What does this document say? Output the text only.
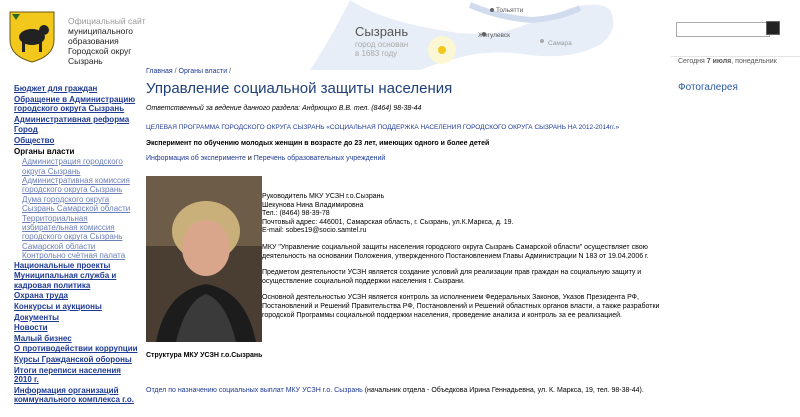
Официальный сайт
муниципального
образования
Городской округ
Сызрань
Сызрань
город основан
в 1683 году
Тольятти
Жигулевск
Самара
Бюджет для граждан
Обращение в Администрацию городского округа Сызрань
Административная реформа
Город
Общество
Органы власти
Администрация городского округа Сызрань
Административная комиссия городского округа Сызрань
Дума городского округа Сызрань Самарской области
Территориальная избирательная комиссия городского округа Сызрань Самарской области
Контрольно счётная палата
Национальные проекты
Муниципальная служба и кадровая политика
Охрана труда
Конкурсы и аукционы
Документы
Новости
Малый бизнес
О противодействии коррупции
Курсы Гражданской обороны
Итоги переписи населения 2010 г.
Информация организаций коммунального комплекса г.о.
Главная / Органы власти /
Управление социальной защиты населения
Ответственный за ведение данного раздела: Андрющко В.В. тел. (8464) 98-38-44
ЦЕЛЕВАЯ ПРОГРАММА ГОРОДСКОГО ОКРУГА СЫЗРАНЬ «СОЦИАЛЬНАЯ ПОДДЕРЖКА НАСЕЛЕНИЯ ГОРОДСКОГО ОКРУГА СЫЗРАНЬ НА 2012-2014гг.»
Эксперимент по обучению молодых женщин в возрасте до 23 лет, имеющих одного и более детей
Информация об эксперименте и Перечень образовательных учреждений

Руководитель МКУ УСЗН г.о.Сызрань
Шекунова Нина Владимировна
Тел.: (8464) 98-39-78
Почтовый адрес: 446001, Самарская область, г. Сызрань, ул.К.Маркса, д. 19.
E-mail: sobes19@socio.samtel.ru

МКУ "Управление социальной защиты населения городского округа Сызрань Самарской области" осуществляет свою деятельность на основании Положения, утвержденного Постановлением Главы Администрации N 183 от 19.04.2006 г.

Предметом деятельности УСЗН является создание условий для реализации прав граждан на социальную защиту и осуществление социальной поддержки населения г. Сызрани.

Основной деятельностью УСЗН является контроль за исполнением Федеральных Законов, Указов Президента РФ, Постановлений и Решений Правительства РФ, Постановлений и Решений областных органов власти, а также разработки городской Программы социальной поддержки населения, проведение анализа и контроль за ее реализацией.

Структура МКУ УСЗН г.о.Сызрань
Отдел по назначению социальных выплат МКУ УСЗН г.о. Сызрань (начальник отдела - Объедкова Ирина Геннадьевна, ул. К. Маркса, 19, тел. 98-38-44).
Сегодня 7 июля, понедельник
Фотогалерея
